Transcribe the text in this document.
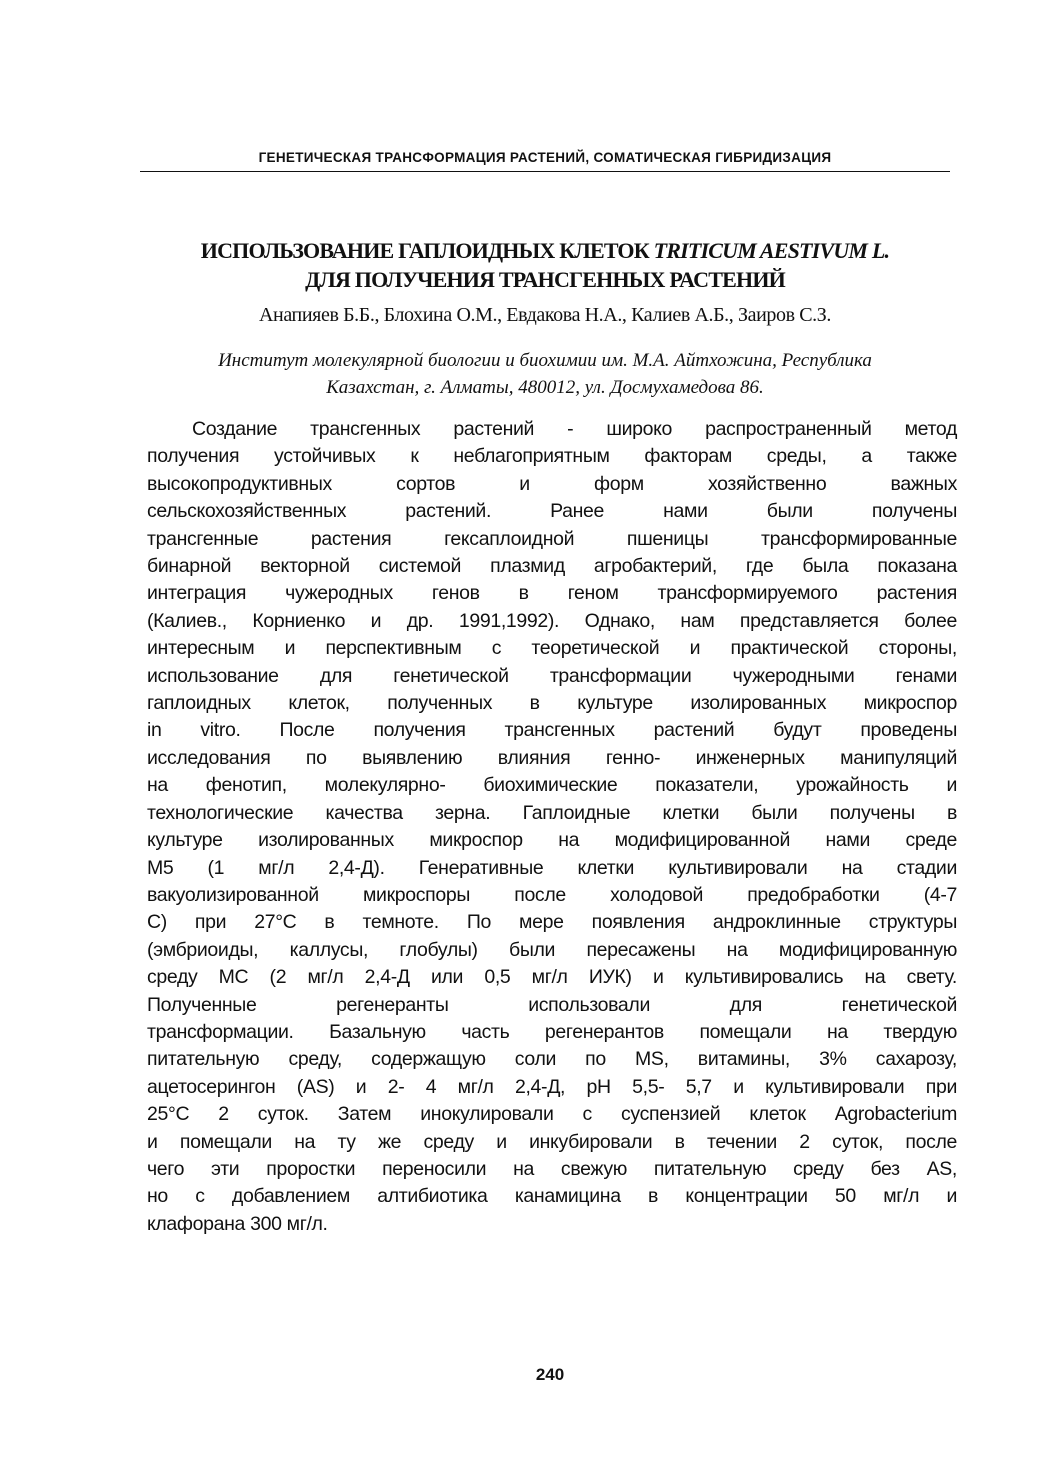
ГЕНЕТИЧЕСКАЯ ТРАНСФОРМАЦИЯ РАСТЕНИЙ, СОМАТИЧЕСКАЯ ГИБРИДИЗАЦИЯ
ИСПОЛЬЗОВАНИЕ ГАПЛОИДНЫХ КЛЕТОК TRITICUM AESTIVUM L.
ДЛЯ ПОЛУЧЕНИЯ ТРАНСГЕННЫХ РАСТЕНИЙ
Анапияев Б.Б., Блохина О.М., Евдакова Н.А., Калиев А.Б., Заиров С.З.
Институт молекулярной биологии и биохимии им. М.А. Айтхожина, Республика
Казахстан, г. Алматы, 480012, ул. Досмухамедова 86.
Создание трансгенных растений - широко распространенный метод
получения устойчивых к неблагоприятным факторам среды, а также
высокопродуктивных сортов и форм хозяйственно важных
сельскохозяйственных растений. Ранее нами были получены
трансгенные растения гексаплоидной пшеницы трансформированные
бинарной векторной системой плазмид агробактерий, где была показана
интеграция чужеродных генов в геном трансформируемого растения
(Калиев., Корниенко и др. 1991,1992). Однако, нам представляется более
интересным и перспективным с теоретической и практической стороны,
использование для генетической трансформации чужеродными генами
гаплоидных клеток, полученных в культуре изолированных микроспор
in vitro. После получения трансгенных растений будут проведены
исследования по выявлению влияния генно- инженерных манипуляций
на фенотип, молекулярно- биохимические показатели, урожайность и
технологические качества зерна. Гаплоидные клетки были получены в
культуре изолированных микроспор на модифицированной нами среде
М5 (1 мг/л 2,4-Д). Генеративные клетки культивировали на стадии
вакуолизированной микроспоры после холодовой предобработки (4-7
С) при 27°С в темноте. По мере появления андроклинные структуры
(эмбриоиды, каллусы, глобулы) были пересажены на модифицированную
среду МС (2 мг/л 2,4-Д или 0,5 мг/л ИУК) и культивировались на свету.
Полученные регенеранты использовали для генетической
трансформации. Базальную часть регенерантов помещали на твердую
питательную среду, содержащую соли по MS, витамины, 3% сахарозу,
ацетосерингон (AS) и 2- 4 мг/л 2,4-Д, рН 5,5- 5,7 и культивировали при
25°С 2 суток. Затем инокулировали с суспензией клеток Agrobacterium
и помещали на ту же среду и инкубировали в течении 2 суток, после
чего эти проростки переносили на свежую питательную среду без AS,
но с добавлением алтибиотика канамицина в концентрации 50 мг/л и
клафорана 300 мг/л.
240
